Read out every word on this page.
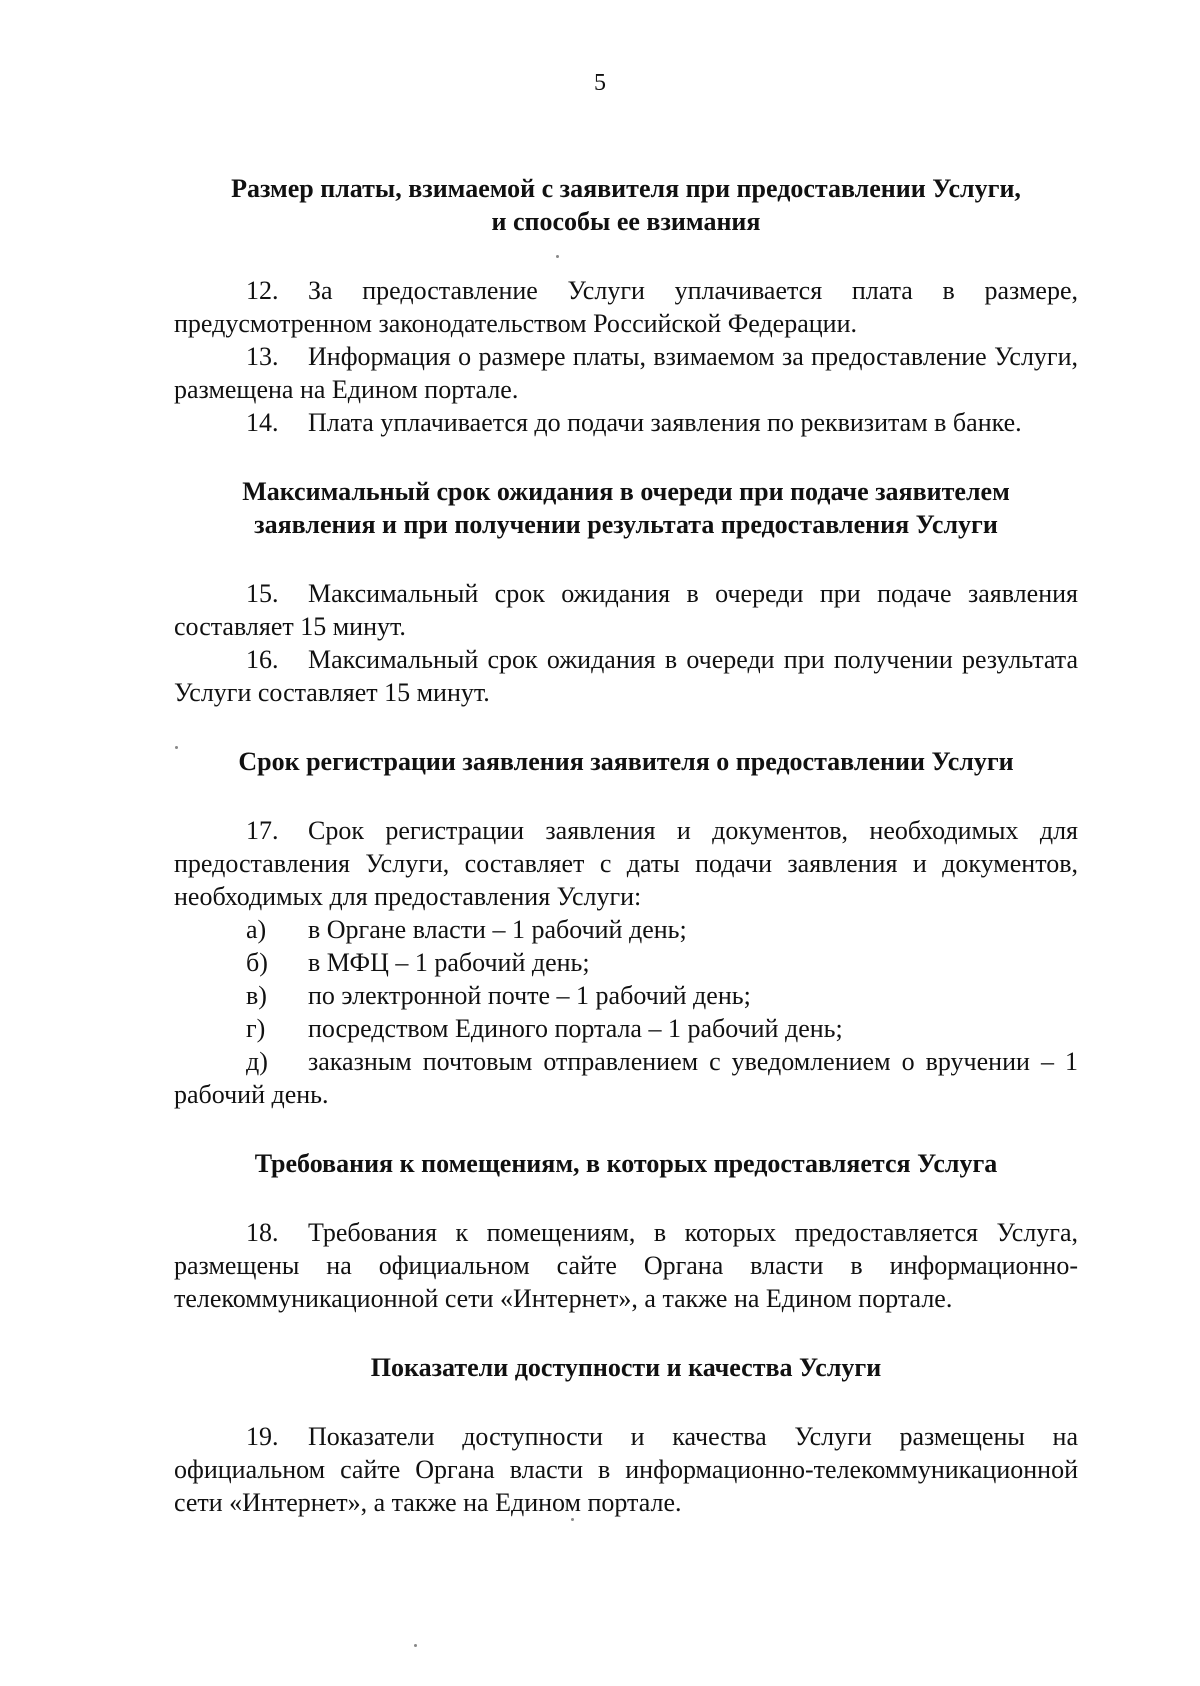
5
Размер платы, взимаемой с заявителя при предоставлении Услуги,
и способы ее взимания

12. За предоставление Услуги уплачивается плата в размере, предусмотренном законодательством Российской Федерации.

13. Информация о размере платы, взимаемом за предоставление Услуги, размещена на Едином портале.

14. Плата уплачивается до подачи заявления по реквизитам в банке.

Максимальный срок ожидания в очереди при подаче заявителем
заявления и при получении результата предоставления Услуги

15. Максимальный срок ожидания в очереди при подаче заявления составляет 15 минут.

16. Максимальный срок ожидания в очереди при получении результата Услуги составляет 15 минут.

Срок регистрации заявления заявителя о предоставлении Услуги

17. Срок регистрации заявления и документов, необходимых для предоставления Услуги, составляет с даты подачи заявления и документов, необходимых для предоставления Услуги:

а) в Органе власти – 1 рабочий день;

б) в МФЦ – 1 рабочий день;

в) по электронной почте – 1 рабочий день;

г) посредством Единого портала – 1 рабочий день;

д) заказным почтовым отправлением с уведомлением о вручении – 1 рабочий день.

Требования к помещениям, в которых предоставляется Услуга

18. Требования к помещениям, в которых предоставляется Услуга, размещены на официальном сайте Органа власти в информационно-телекоммуникационной сети «Интернет», а также на Едином портале.

Показатели доступности и качества Услуги

19. Показатели доступности и качества Услуги размещены на официальном сайте Органа власти в информационно-телекоммуникационной сети «Интернет», а также на Едином портале.
